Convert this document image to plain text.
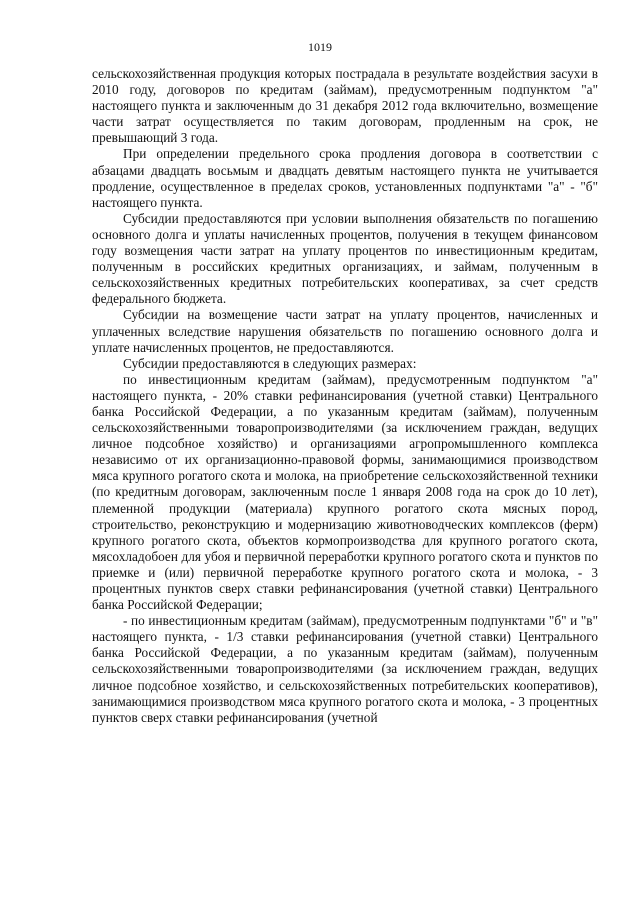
1019

сельскохозяйственная продукция которых пострадала в результате воздействия засухи в 2010 году, договоров по кредитам (займам), предусмотренным подпунктом "а" настоящего пункта и заключенным до 31 декабря 2012 года включительно, возмещение части затрат осуществляется по таким договорам, продленным на срок, не превышающий 3 года.

При определении предельного срока продления договора в соответствии с абзацами двадцать восьмым и двадцать девятым настоящего пункта не учитывается продление, осуществленное в пределах сроков, установленных подпунктами "а" - "б" настоящего пункта.

Субсидии предоставляются при условии выполнения обязательств по погашению основного долга и уплаты начисленных процентов, получения в текущем финансовом году возмещения части затрат на уплату процентов по инвестиционным кредитам, полученным в российских кредитных организациях, и займам, полученным в сельскохозяйственных кредитных потребительских кооперативах, за счет средств федерального бюджета.

Субсидии на возмещение части затрат на уплату процентов, начисленных и уплаченных вследствие нарушения обязательств по погашению основного долга и уплате начисленных процентов, не предоставляются.

Субсидии предоставляются в следующих размерах:

по инвестиционным кредитам (займам), предусмотренным подпунктом "а" настоящего пункта, - 20% ставки рефинансирования (учетной ставки) Центрального банка Российской Федерации, а по указанным кредитам (займам), полученным сельскохозяйственными товаропроизводителями (за исключением граждан, ведущих личное подсобное хозяйство) и организациями агропромышленного комплекса независимо от их организационно-правовой формы, занимающимися производством мяса крупного рогатого скота и молока, на приобретение сельскохозяйственной техники (по кредитным договорам, заключенным после 1 января 2008 года на срок до 10 лет), племенной продукции (материала) крупного рогатого скота мясных пород, строительство, реконструкцию и модернизацию животноводческих комплексов (ферм) крупного рогатого скота, объектов кормопроизводства для крупного рогатого скота, мясохладобоен для убоя и первичной переработки крупного рогатого скота и пунктов по приемке и (или) первичной переработке крупного рогатого скота и молока, - 3 процентных пунктов сверх ставки рефинансирования (учетной ставки) Центрального банка Российской Федерации;

- по инвестиционным кредитам (займам), предусмотренным подпунктами "б" и "в" настоящего пункта, - 1/3 ставки рефинансирования (учетной ставки) Центрального банка Российской Федерации, а по указанным кредитам (займам), полученным сельскохозяйственными товаропроизводителями (за исключением граждан, ведущих личное подсобное хозяйство, и сельскохозяйственных потребительских кооперативов), занимающимися производством мяса крупного рогатого скота и молока, - 3 процентных пунктов сверх ставки рефинансирования (учетной
